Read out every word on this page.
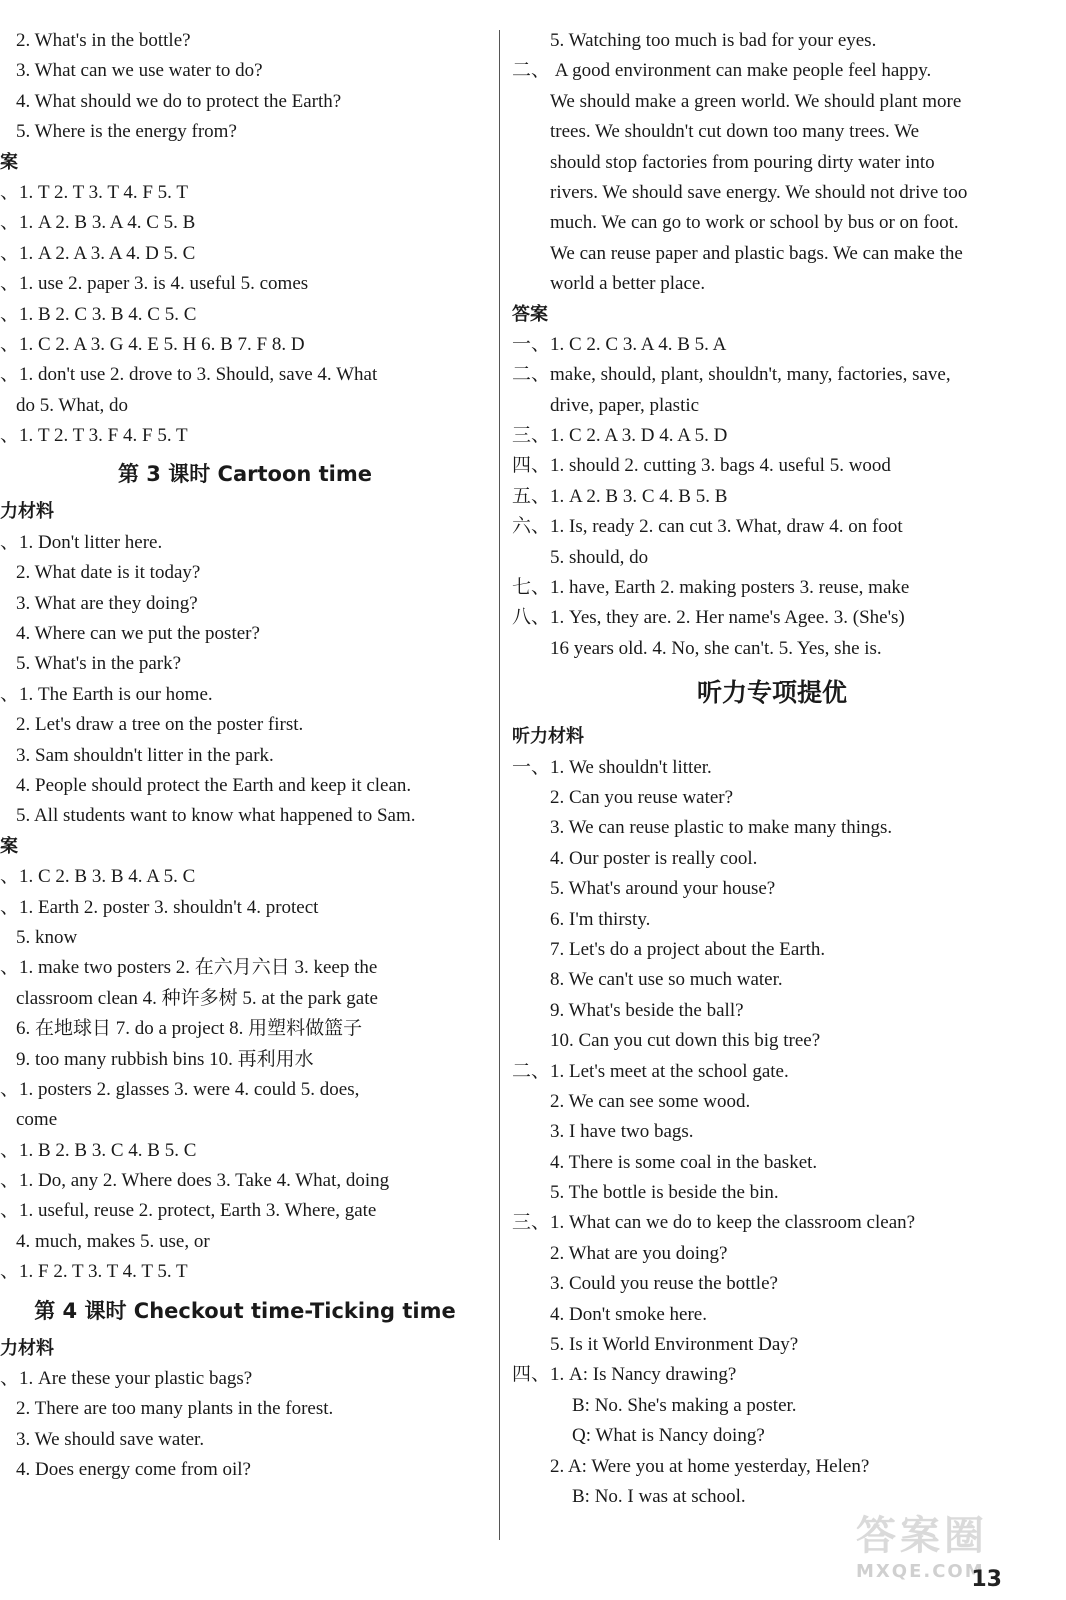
2. What's in the bottle?
3. What can we use water to do?
4. What should we do to protect the Earth?
5. Where is the energy from?
案
、1. T 2. T 3. T 4. F 5. T
、1. A 2. B 3. A 4. C 5. B
、1. A 2. A 3. A 4. D 5. C
、1. use 2. paper 3. is 4. useful 5. comes
、1. B 2. C 3. B 4. C 5. C
、1. C 2. A 3. G 4. E 5. H 6. B 7. F 8. D
、1. don't use 2. drove to 3. Should, save 4. What
do 5. What, do
、1. T 2. T 3. F 4. F 5. T
第 3 课时 Cartoon time
力材料
、1. Don't litter here.
2. What date is it today?
3. What are they doing?
4. Where can we put the poster?
5. What's in the park?
、1. The Earth is our home.
2. Let's draw a tree on the poster first.
3. Sam shouldn't litter in the park.
4. People should protect the Earth and keep it clean.
5. All students want to know what happened to Sam.
案
、1. C 2. B 3. B 4. A 5. C
、1. Earth 2. poster 3. shouldn't 4. protect
5. know
、1. make two posters 2. 在六月六日 3. keep the
classroom clean 4. 种许多树 5. at the park gate
6. 在地球日 7. do a project 8. 用塑料做篮子
9. too many rubbish bins 10. 再利用水
、1. posters 2. glasses 3. were 4. could 5. does,
come
、1. B 2. B 3. C 4. B 5. C
、1. Do, any 2. Where does 3. Take 4. What, doing
、1. useful, reuse 2. protect, Earth 3. Where, gate
4. much, makes 5. use, or
、1. F 2. T 3. T 4. T 5. T
第 4 课时 Checkout time-Ticking time
力材料
、1. Are these your plastic bags?
2. There are too many plants in the forest.
3. We should save water.
4. Does energy come from oil?
5. Watching too much is bad for your eyes.
二、 A good environment can make people feel happy.
We should make a green world. We should plant more
trees. We shouldn't cut down too many trees. We
should stop factories from pouring dirty water into
rivers. We should save energy. We should not drive too
much. We can go to work or school by bus or on foot.
We can reuse paper and plastic bags. We can make the
world a better place.
答案
一、1. C 2. C 3. A 4. B 5. A
二、make, should, plant, shouldn't, many, factories, save,
drive, paper, plastic
三、1. C 2. A 3. D 4. A 5. D
四、1. should 2. cutting 3. bags 4. useful 5. wood
五、1. A 2. B 3. C 4. B 5. B
六、1. Is, ready 2. can cut 3. What, draw 4. on foot
5. should, do
七、1. have, Earth 2. making posters 3. reuse, make
八、1. Yes, they are. 2. Her name's Agee. 3. (She's)
16 years old. 4. No, she can't. 5. Yes, she is.
听力专项提优
听力材料
一、1. We shouldn't litter.
2. Can you reuse water?
3. We can reuse plastic to make many things.
4. Our poster is really cool.
5. What's around your house?
6. I'm thirsty.
7. Let's do a project about the Earth.
8. We can't use so much water.
9. What's beside the ball?
10. Can you cut down this big tree?
二、1. Let's meet at the school gate.
2. We can see some wood.
3. I have two bags.
4. There is some coal in the basket.
5. The bottle is beside the bin.
三、1. What can we do to keep the classroom clean?
2. What are you doing?
3. Could you reuse the bottle?
4. Don't smoke here.
5. Is it World Environment Day?
四、1. A: Is Nancy drawing?
B: No. She's making a poster.
Q: What is Nancy doing?
2. A: Were you at home yesterday, Helen?
B: No. I was at school.
答案圈
MXQE.COM
13
